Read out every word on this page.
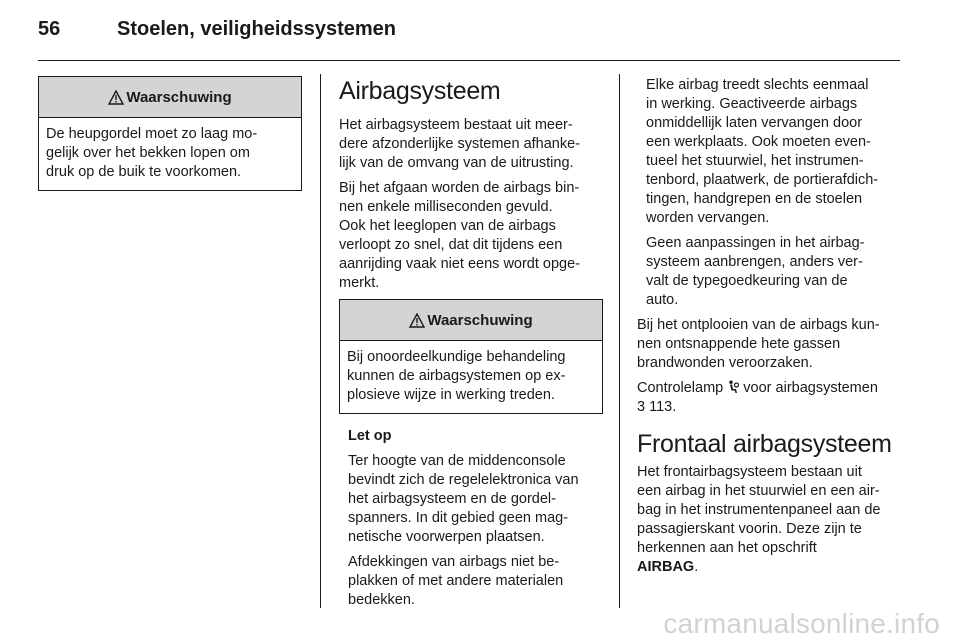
56	Stoelen, veiligheidssystemen
Waarschuwing
De heupgordel moet zo laag mo-
gelijk over het bekken lopen om
druk op de buik te voorkomen.
Airbagsysteem

Het airbagsysteem bestaat uit meer-
dere afzonderlijke systemen afhanke-
lijk van de omvang van de uitrusting.

Bij het afgaan worden de airbags bin-
nen enkele milliseconden gevuld.
Ook het leeglopen van de airbags
verloopt zo snel, dat dit tijdens een
aanrijding vaak niet eens wordt opge-
merkt.

Waarschuwing
Bij onoordeelkundige behandeling
kunnen de airbagsystemen op ex-
plosieve wijze in werking treden.

Let op

Ter hoogte van de middenconsole
bevindt zich de regelelektronica van
het airbagsysteem en de gordel-
spanners. In dit gebied geen mag-
netische voorwerpen plaatsen.

Afdekkingen van airbags niet be-
plakken of met andere materialen
bedekken.

Elke airbag treedt slechts eenmaal
in werking. Geactiveerde airbags
onmiddellijk laten vervangen door
een werkplaats. Ook moeten even-
tueel het stuurwiel, het instrumen-
tenbord, plaatwerk, de portierafdich-
tingen, handgrepen en de stoelen
worden vervangen.

Geen aanpassingen in het airbag-
systeem aanbrengen, anders ver-
valt de typegoedkeuring van de
auto.

Bij het ontplooien van de airbags kun-
nen ontsnappende hete gassen
brandwonden veroorzaken.

Controlelamp  voor airbagsystemen
3 113.

Frontaal airbagsysteem

Het frontairbagsysteem bestaan uit
een airbag in het stuurwiel en een air-
bag in het instrumentenpaneel aan de
passagierskant voorin. Deze zijn te
herkennen aan het opschrift
AIRBAG.

carmanualsonline.info
